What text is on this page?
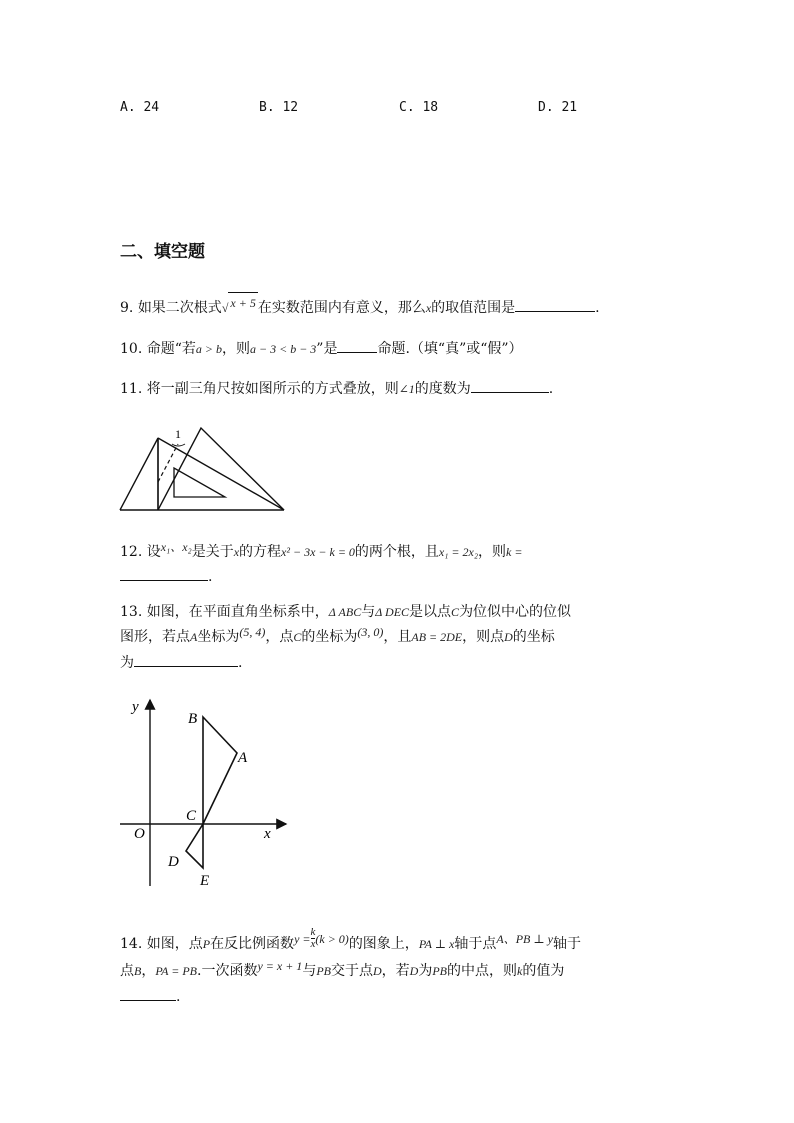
A. 24	B. 12	C. 18	D. 21
二、填空题
9. 如果二次根式√ x + 5 在实数范围内有意义，那么x的取值范围是	.
10. 命题“若a > b，则a − 3 < b − 3”是	命题.（填“真”或“假”）
11. 将一副三角尺按如图所示的方式叠放，则∠1的度数为	.
1
12. 设x₁、x₂是关于x的方程x² − 3x − k = 0的两个根，且x₁ = 2x₂，则k =
.
13. 如图，在平面直角坐标系中，Δ ABC与Δ DEC是以点C为位似中心的位似
图形，若点A坐标为(5, 4)，点C的坐标为(3, 0)，且AB = 2DE，则点D的坐标
为	.
y
x
O
B
A
C
D
E
14. 如图，点P在反比例函数$y = \frac{k}{x} (k > 0)$的图象上，PA ⊥ x轴于点A、PB ⊥ y轴于
点B，PA = PB.一次函数y = x + 1与PB交于点D，若D为PB的中点，则k的值为
.
